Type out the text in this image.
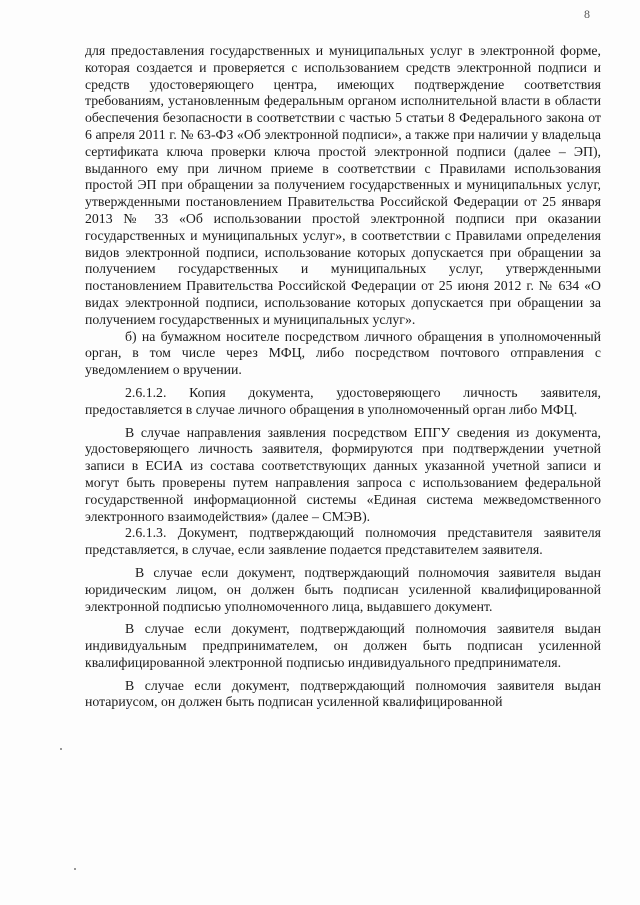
8

для предоставления государственных и муниципальных услуг в электронной форме, которая создается и проверяется с использованием средств электронной подписи и средств удостоверяющего центра, имеющих подтверждение соответствия требованиям, установленным федеральным органом исполнительной власти в области обеспечения безопасности в соответствии с частью 5 статьи 8 Федерального закона от 6 апреля 2011 г. № 63-ФЗ «Об электронной подписи», а также при наличии у владельца сертификата ключа проверки ключа простой электронной подписи (далее – ЭП), выданного ему при личном приеме в соответствии с Правилами использования простой ЭП при обращении за получением государственных и муниципальных услуг, утвержденными постановлением Правительства Российской Федерации от 25 января 2013 № 33 «Об использовании простой электронной подписи при оказании государственных и муниципальных услуг», в соответствии с Правилами определения видов электронной подписи, использование которых допускается при обращении за получением государственных и муниципальных услуг, утвержденными постановлением Правительства Российской Федерации от 25 июня 2012 г. № 634 «О видах электронной подписи, использование которых допускается при обращении за получением государственных и муниципальных услуг».

б) на бумажном носителе посредством личного обращения в уполномоченный орган, в том числе через МФЦ, либо посредством почтового отправления с уведомлением о вручении.

2.6.1.2. Копия документа, удостоверяющего личность заявителя, предоставляется в случае личного обращения в уполномоченный орган либо МФЦ.

В случае направления заявления посредством ЕПГУ сведения из документа, удостоверяющего личность заявителя, формируются при подтверждении учетной записи в ЕСИА из состава соответствующих данных указанной учетной записи и могут быть проверены путем направления запроса с использованием федеральной государственной информационной системы «Единая система межведомственного электронного взаимодействия» (далее – СМЭВ).

2.6.1.3. Документ, подтверждающий полномочия представителя заявителя представляется, в случае, если заявление подается представителем заявителя.

В случае если документ, подтверждающий полномочия заявителя выдан юридическим лицом, он должен быть подписан усиленной квалифицированной электронной подписью уполномоченного лица, выдавшего документ.

В случае если документ, подтверждающий полномочия заявителя выдан индивидуальным предпринимателем, он должен быть подписан усиленной квалифицированной электронной подписью индивидуального предпринимателя.

В случае если документ, подтверждающий полномочия заявителя выдан нотариусом, он должен быть подписан усиленной квалифицированной
